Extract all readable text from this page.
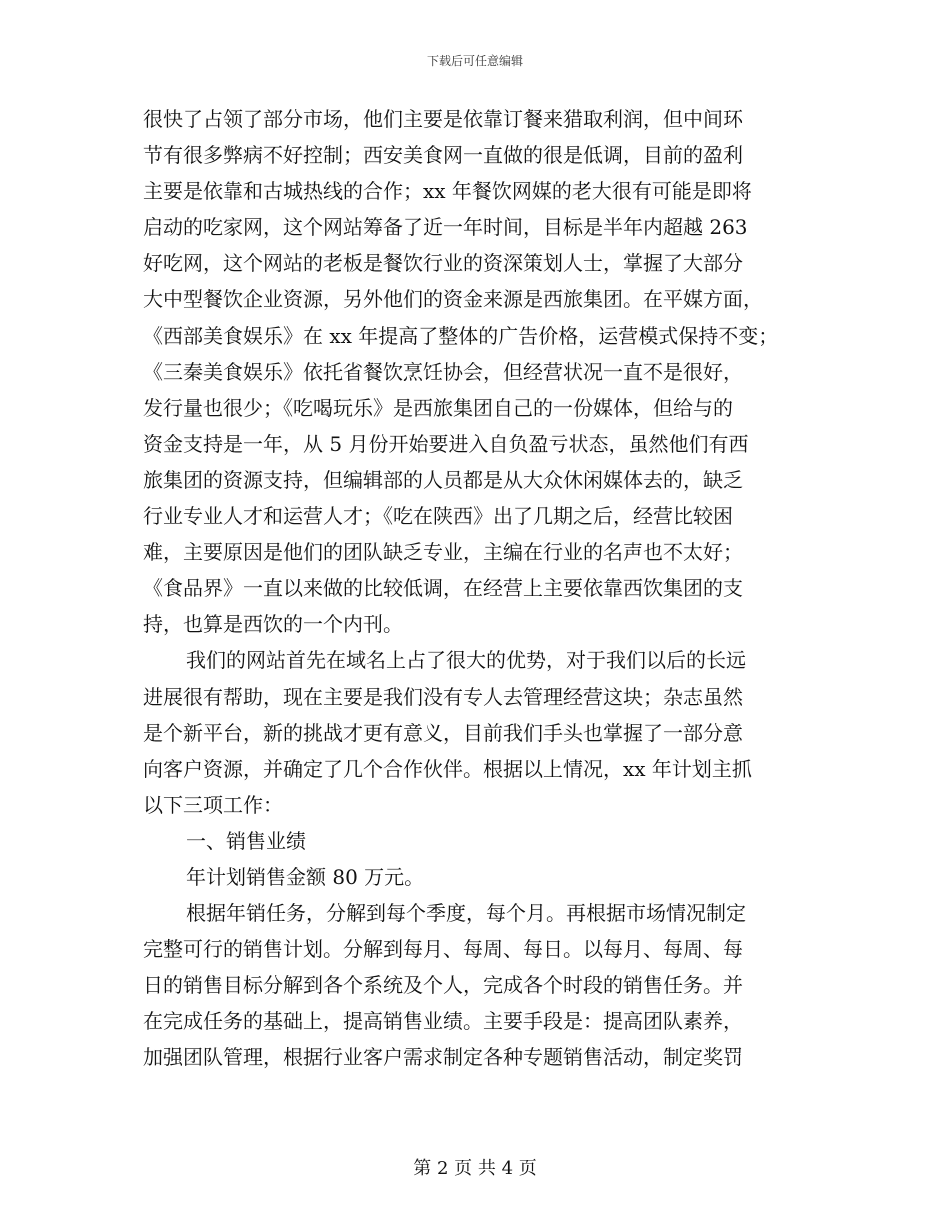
下载后可任意编辑
很快了占领了部分市场，他们主要是依靠订餐来猎取利润，但中间环
节有很多弊病不好控制；西安美食网一直做的很是低调，目前的盈利
主要是依靠和古城热线的合作；xx 年餐饮网媒的老大很有可能是即将
启动的吃家网，这个网站筹备了近一年时间，目标是半年内超越 263
好吃网，这个网站的老板是餐饮行业的资深策划人士，掌握了大部分
大中型餐饮企业资源，另外他们的资金来源是西旅集团。在平媒方面，
《西部美食娱乐》在 xx 年提高了整体的广告价格，运营模式保持不变；
《三秦美食娱乐》依托省餐饮烹饪协会，但经营状况一直不是很好，
发行量也很少；《吃喝玩乐》是西旅集团自己的一份媒体，但给与的
资金支持是一年，从 5 月份开始要进入自负盈亏状态，虽然他们有西
旅集团的资源支持，但编辑部的人员都是从大众休闲媒体去的，缺乏
行业专业人才和运营人才；《吃在陕西》出了几期之后，经营比较困
难，主要原因是他们的团队缺乏专业，主编在行业的名声也不太好；
《食品界》一直以来做的比较低调，在经营上主要依靠西饮集团的支
持，也算是西饮的一个内刊。
我们的网站首先在域名上占了很大的优势，对于我们以后的长远
进展很有帮助，现在主要是我们没有专人去管理经营这块；杂志虽然
是个新平台，新的挑战才更有意义，目前我们手头也掌握了一部分意
向客户资源，并确定了几个合作伙伴。根据以上情况，xx 年计划主抓
以下三项工作：
一、销售业绩
年计划销售金额 80 万元。
根据年销任务，分解到每个季度，每个月。再根据市场情况制定
完整可行的销售计划。分解到每月、每周、每日。以每月、每周、每
日的销售目标分解到各个系统及个人，完成各个时段的销售任务。并
在完成任务的基础上，提高销售业绩。主要手段是：提高团队素养，
加强团队管理，根据行业客户需求制定各种专题销售活动，制定奖罚
第 2 页 共 4 页
